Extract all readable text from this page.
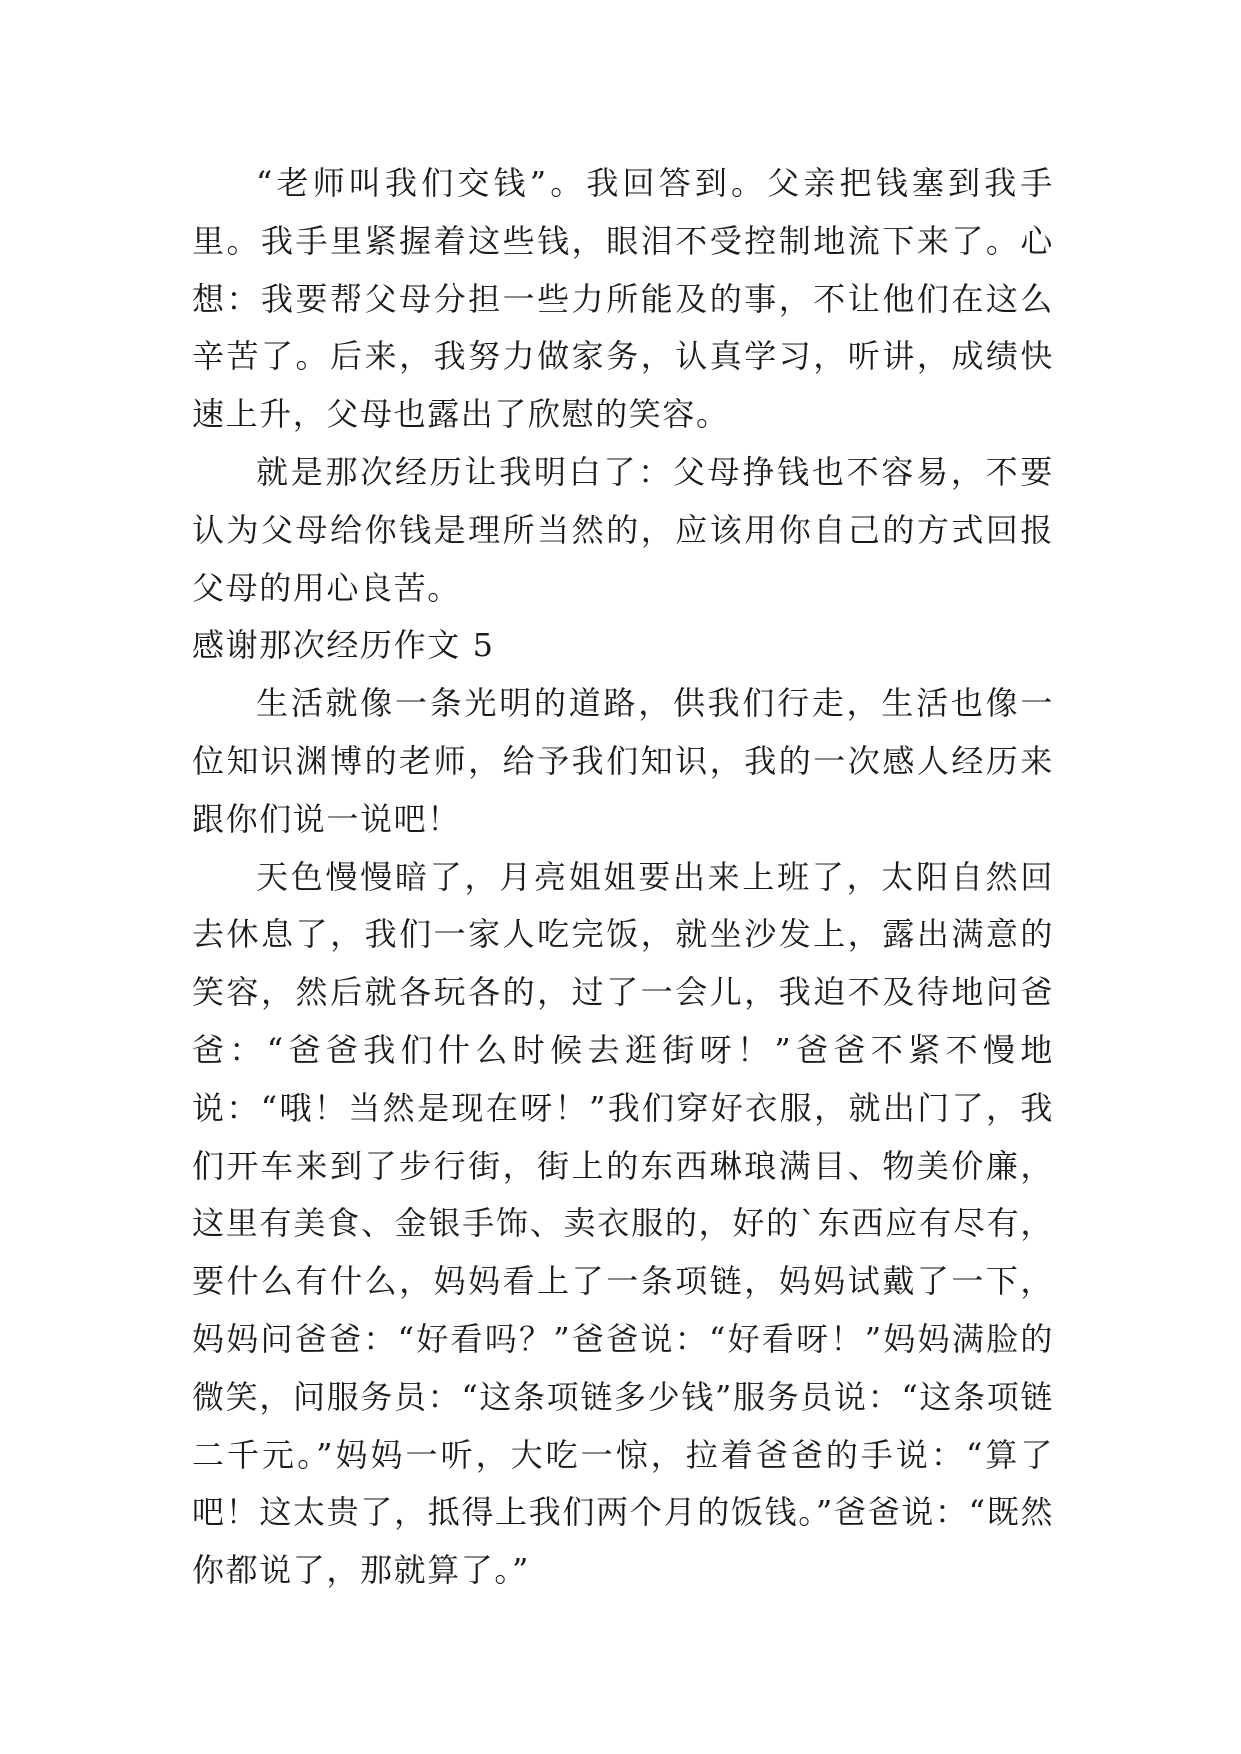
“老师叫我们交钱”。我回答到。父亲把钱塞到我手里。我手里紧握着这些钱，眼泪不受控制地流下来了。心想：我要帮父母分担一些力所能及的事，不让他们在这么辛苦了。后来，我努力做家务，认真学习，听讲，成绩快速上升，父母也露出了欣慰的笑容。

就是那次经历让我明白了：父母挣钱也不容易，不要认为父母给你钱是理所当然的，应该用你自己的方式回报父母的用心良苦。

感谢那次经历作文 5

生活就像一条光明的道路，供我们行走，生活也像一位知识渊博的老师，给予我们知识，我的一次感人经历来跟你们说一说吧！

天色慢慢暗了，月亮姐姐要出来上班了，太阳自然回去休息了，我们一家人吃完饭，就坐沙发上，露出满意的笑容，然后就各玩各的，过了一会儿，我迫不及待地问爸爸：“爸爸我们什么时候去逛街呀！”爸爸不紧不慢地说：“哦！当然是现在呀！”我们穿好衣服，就出门了，我们开车来到了步行街，街上的东西琳琅满目、物美价廉，这里有美食、金银手饰、卖衣服的，好的`东西应有尽有，要什么有什么，妈妈看上了一条项链，妈妈试戴了一下，妈妈问爸爸：“好看吗？”爸爸说：“好看呀！”妈妈满脸的微笑，问服务员：“这条项链多少钱”服务员说：“这条项链二千元。”妈妈一听，大吃一惊，拉着爸爸的手说：“算了吧！这太贵了，抵得上我们两个月的饭钱。”爸爸说：“既然你都说了，那就算了。”
